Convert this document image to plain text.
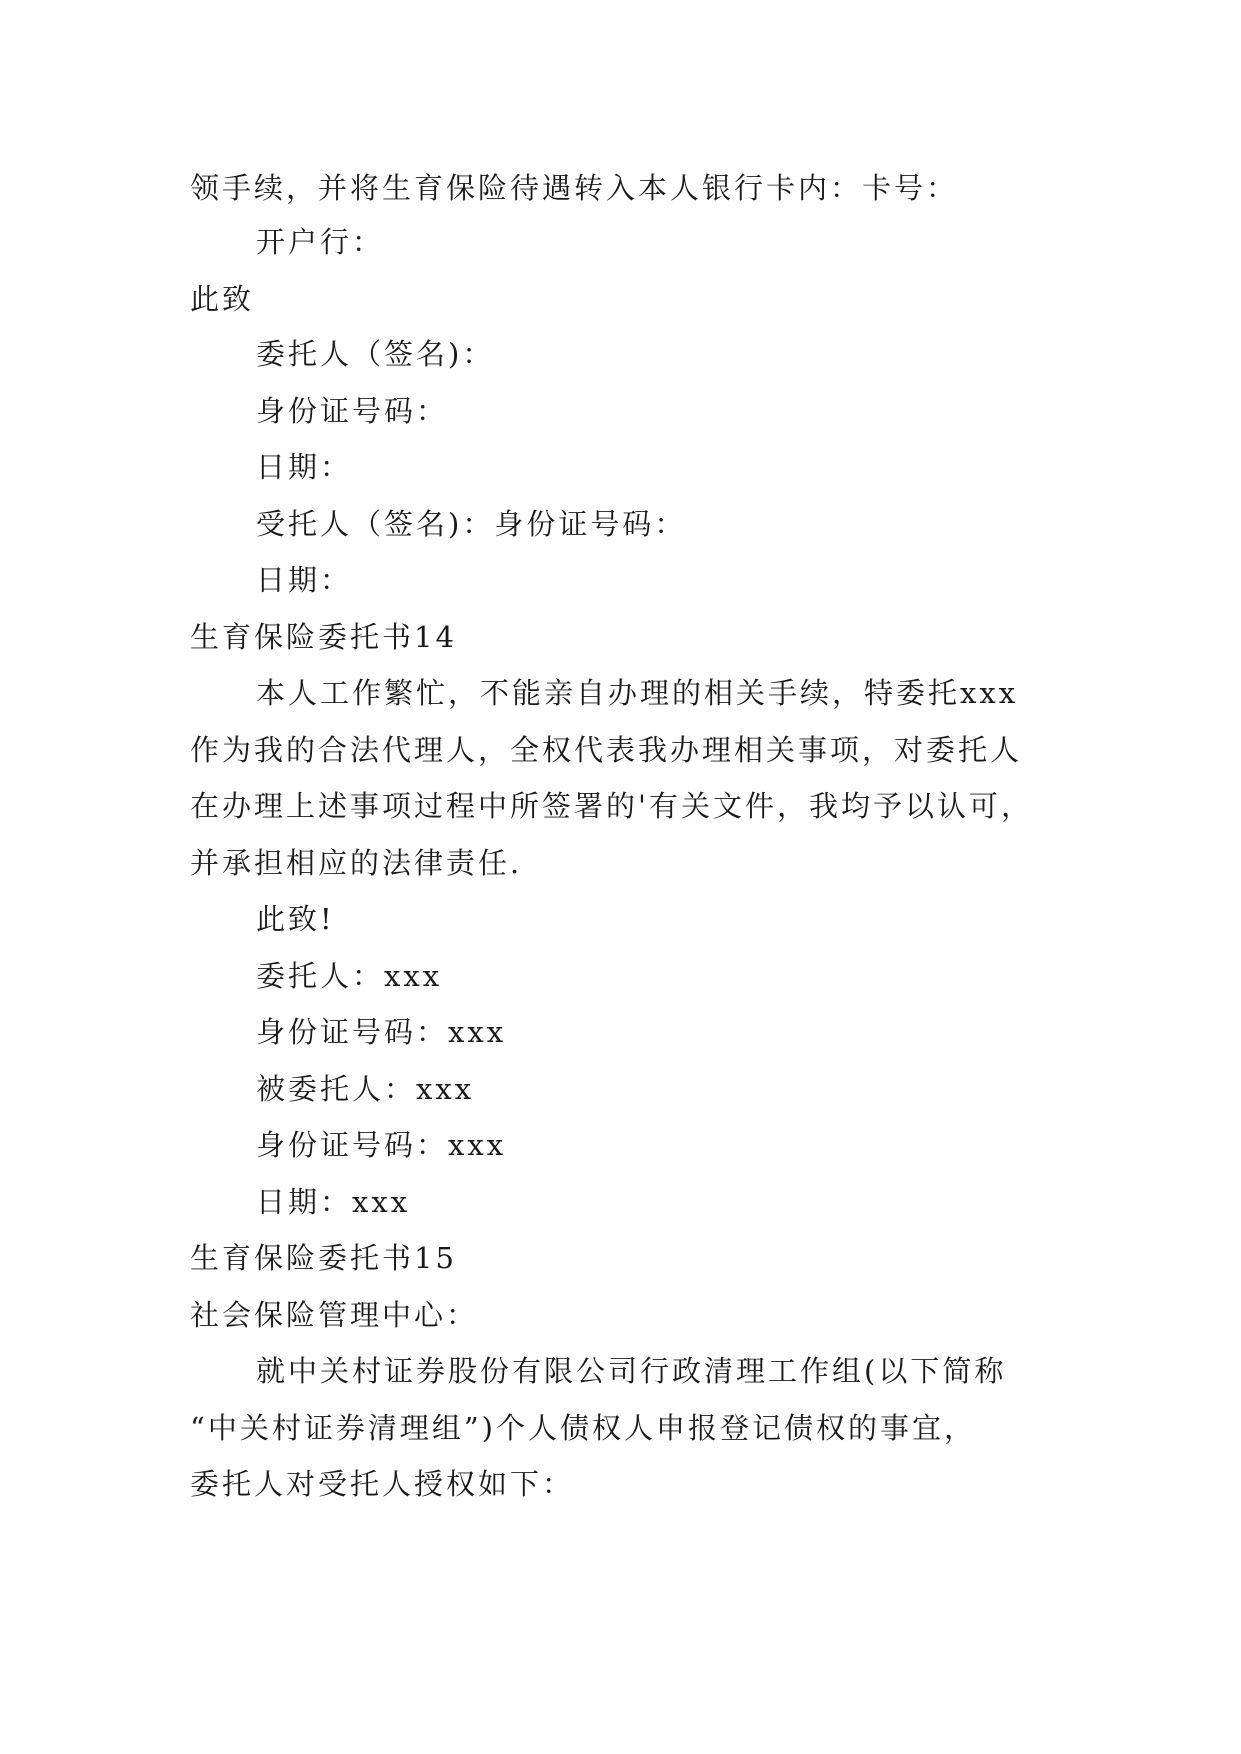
领手续，并将生育保险待遇转入本人银行卡内：卡号：
开户行：
此致
委托人（签名)：
身份证号码：
日期：
受托人（签名)：身份证号码：
日期：
生育保险委托书14
本人工作繁忙，不能亲自办理的相关手续，特委托xxx
作为我的合法代理人，全权代表我办理相关事项，对委托人
在办理上述事项过程中所签署的'有关文件，我均予以认可，
并承担相应的法律责任.
此致!
委托人：xxx
身份证号码：xxx
被委托人：xxx
身份证号码：xxx
日期：xxx
生育保险委托书15
社会保险管理中心：
就中关村证券股份有限公司行政清理工作组(以下简称
“中关村证券清理组”)个人债权人申报登记债权的事宜，
委托人对受托人授权如下：
